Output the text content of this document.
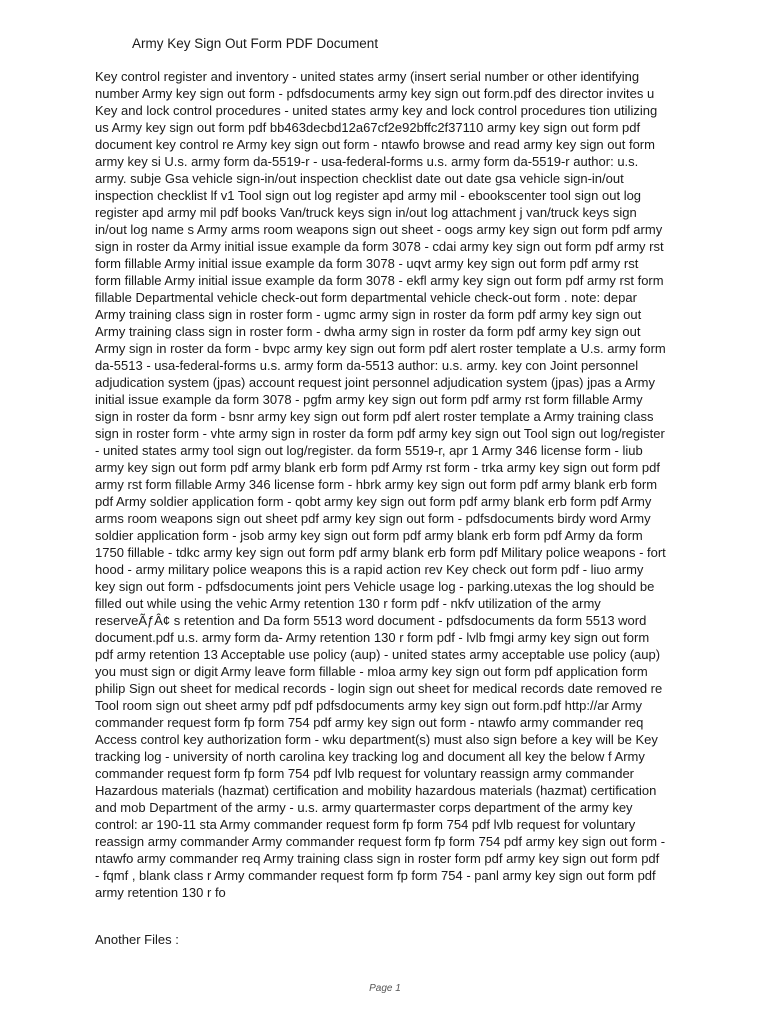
Army Key Sign Out Form PDF Document
Key control register and inventory - united states army (insert serial number or other identifying
number Army key sign out form - pdfsdocuments army key sign out form.pdf des director invites u
Key and lock control procedures - united states army key and lock control procedures tion utilizing
us Army key sign out form pdf bb463decbd12a67cf2e92bffc2f37110 army key sign out form pdf
document key control re Army key sign out form - ntawfo browse and read army key sign out form
army key si U.s. army form da-5519-r - usa-federal-forms u.s. army form da-5519-r author: u.s.
army. subje Gsa vehicle sign-in/out inspection checklist date out date gsa vehicle sign-in/out
inspection checklist lf v1 Tool sign out log register apd army mil - ebookscenter tool sign out log
register apd army mil pdf books Van/truck keys sign in/out log attachment j van/truck keys sign
in/out log name s Army arms room weapons sign out sheet - oogs army key sign out form pdf army
sign in roster da Army initial issue example da form 3078 - cdai army key sign out form pdf army rst
form fillable Army initial issue example da form 3078 - uqvt army key sign out form pdf army rst
form fillable Army initial issue example da form 3078 - ekfl army key sign out form pdf army rst form
fillable Departmental vehicle check-out form departmental vehicle check-out form . note: depar
Army training class sign in roster form - ugmc army sign in roster da form pdf army key sign out
Army training class sign in roster form - dwha army sign in roster da form pdf army key sign out
Army sign in roster da form - bvpc army key sign out form pdf alert roster template a U.s. army form
da-5513 - usa-federal-forms u.s. army form da-5513 author: u.s. army. key con Joint personnel
adjudication system (jpas) account request joint personnel adjudication system (jpas) jpas a Army
initial issue example da form 3078 - pgfm army key sign out form pdf army rst form fillable Army
sign in roster da form - bsnr army key sign out form pdf alert roster template a Army training class
sign in roster form - vhte army sign in roster da form pdf army key sign out Tool sign out log/register
- united states army tool sign out log/register. da form 5519-r, apr 1 Army 346 license form - liub
army key sign out form pdf army blank erb form pdf Army rst form - trka army key sign out form pdf
army rst form fillable Army 346 license form - hbrk army key sign out form pdf army blank erb form
pdf Army soldier application form - qobt army key sign out form pdf army blank erb form pdf Army
arms room weapons sign out sheet pdf army key sign out form - pdfsdocuments birdy word Army
soldier application form - jsob army key sign out form pdf army blank erb form pdf Army da form
1750 fillable - tdkc army key sign out form pdf army blank erb form pdf Military police weapons - fort
hood - army military police weapons this is a rapid action rev Key check out form pdf - liuo army
key sign out form - pdfsdocuments joint pers Vehicle usage log - parking.utexas the log should be
filled out while using the vehic Army retention 130 r form pdf - nkfv utilization of the army
reserveÃƒÂ¢ s retention and Da form 5513 word document - pdfsdocuments da form 5513 word
document.pdf u.s. army form da- Army retention 130 r form pdf - lvlb fmgi army key sign out form
pdf army retention 13 Acceptable use policy (aup) - united states army acceptable use policy (aup)
you must sign or digit Army leave form fillable - mloa army key sign out form pdf application form
philip Sign out sheet for medical records - login sign out sheet for medical records date removed re
Tool room sign out sheet army pdf pdf pdfsdocuments army key sign out form.pdf http://ar Army
commander request form fp form 754 pdf army key sign out form - ntawfo army commander req
Access control key authorization form - wku department(s) must also sign before a key will be Key
tracking log - university of north carolina key tracking log and document all key the below f Army
commander request form fp form 754 pdf lvlb request for voluntary reassign army commander
Hazardous materials (hazmat) certification and mobility hazardous materials (hazmat) certification
and mob Department of the army - u.s. army quartermaster corps department of the army key
control: ar 190-11 sta Army commander request form fp form 754 pdf lvlb request for voluntary
reassign army commander Army commander request form fp form 754 pdf army key sign out form -
ntawfo army commander req Army training class sign in roster form pdf army key sign out form pdf
- fqmf , blank class r Army commander request form fp form 754 - panl army key sign out form pdf
army retention 130 r fo

Another Files :

Page 1
